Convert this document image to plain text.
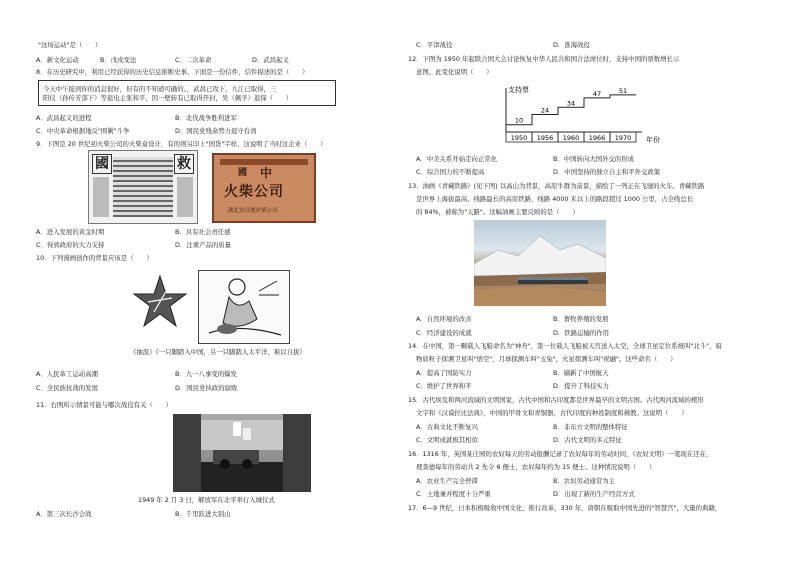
"这场运动"是（　　）
A．新文化运动	B．戊戌变法	C．二次革命	D．武昌起义
8．在历史研究中，利用已经获得的历史信息推断史事。下面是一份信件，信件描述的是（　　）
今天中午接到你的消息很好，但有的不知道可确的。，武昌已攻下，九江已取得，三
阳仪（孙传芳部下）等退电主张和平，因一壁转有已取得开封，吴（佩孚）退保（　　）
A．武昌起义的进程	B．北伐战争胜利进军
C．中央革命根据地反"围剿"斗争	D．国民党残余势力退守台湾
9．下图是 20 世纪初火柴公司的火柴盒设计，有的则另印上"国货"字样，这说明了当时这企业（　　）
國	救
中
國
火柴公司
湖北宜昌地火柴公司
A．进入发展的黄金时期	B．具有社会责任感
C．得到政府的大力支持	D．注重产品的质量
10．下列漫画创作的背景应该是（　　）
《抽汲》《一只脚踏入中国，另一只脚踏入太平洋，难以自拔》
A．人民革工运动高潮	B．九一八事变的爆发
C．全民族抗战的发展	D．国民党执政的腐败
11．右图所示情景可能与哪次战役有关（　　）
1949 年 2 月 3 日，解放军在北平举行入城仪式
A．第三次长沙会战	B．千里跃进大别山
C．平津战役	D．淮海战役
12．下图为 1950 年起联合国大会讨论恢复中华人民共和国合法席位时，支持中国的票数增长示
意图。此变化说明（　　）
1950
10
1956
24
1960
34
1966
47
1970
51
支持票
年份
A．中美关系开始走向正常化	B．中国转向大国外交的形成
C．综合国力的不断提高	D．中国坚持的独立自主和平外交政策
13．油画《青藏铁路》(见下图) 以高山为背景，高原牛群为前景，描绘了一列正在飞驰的火车。青藏铁路
是世界上海拔最高、线路最长的高原铁路，线路 4000 米以上的路段超过 1000 公里，占全线总长
的 84%，被称为"天路"。这幅油画主要反映的是（　　）
A．自然环境的改善	B．畜牧养殖的发展
C．经济建设的成就	D．铁路运输的作用
14．在中国，第一颗载人飞船命名为"神舟"，第一位载人飞船被天宫送入太空，全球卫星定位系统叫"北斗"，暗
物质粒子探测卫星叫"悟空"，月球探测车叫"玉兔"，火星探测车叫"祝融"。这些命名（　　）
A．提高了国防实力	B．刷新了中国航天
C．维护了世界和平	D．提升了科技实力
15．古代埃及和两河流域的文明国家，古代中国和古印度都是世界最早的文明古国。古代两河流域的楔形
文字和《汉谟拉比法典》，中国的甲骨文和青铜器，古代印度的种姓制度和佛教。这说明（　　）
A．古典文化不断复兴	B．非东方文明的整体特征
C．文明成就极其相似	D．古代文明的多元特征
16．1316 年，英国某庄园的农奴每天的劳动报酬记录了农奴每年的劳动时间，《农奴文明》一笔现在还在，
理查德每年的劳动共 2 先令 6 便士，农奴每年约为 15 便士。这种情况说明（　　）
A．农业生产完全停滞	B．农奴劳动通常为主
C．土地兼并程度十分严重	D．出现了新的生产经营方式
17．6—9 世纪，日本积极吸收中国文化，推行改革，330 年，唐朝在吸取中国先进的"智慧宫"，大量的典籍，
